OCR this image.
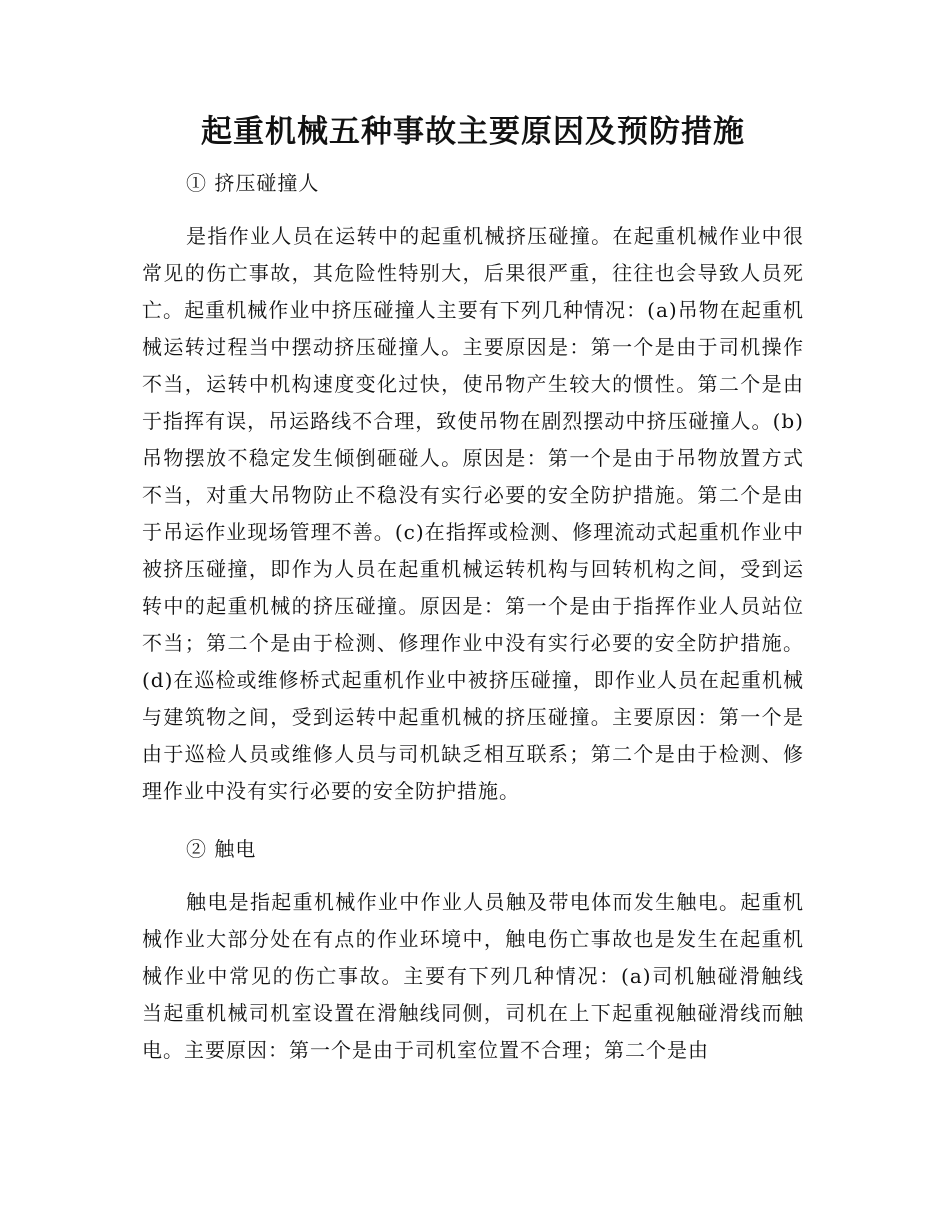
起重机械五种事故主要原因及预防措施

① 挤压碰撞人

是指作业人员在运转中的起重机械挤压碰撞。在起重机械作业中很常见的伤亡事故，其危险性特别大，后果很严重，往往也会导致人员死亡。起重机械作业中挤压碰撞人主要有下列几种情况：(a)吊物在起重机械运转过程当中摆动挤压碰撞人。主要原因是：第一个是由于司机操作不当，运转中机构速度变化过快，使吊物产生较大的惯性。第二个是由于指挥有误，吊运路线不合理，致使吊物在剧烈摆动中挤压碰撞人。(b)吊物摆放不稳定发生倾倒砸碰人。原因是：第一个是由于吊物放置方式不当，对重大吊物防止不稳没有实行必要的安全防护措施。第二个是由于吊运作业现场管理不善。(c)在指挥或检测、修理流动式起重机作业中被挤压碰撞，即作为人员在起重机械运转机构与回转机构之间，受到运转中的起重机械的挤压碰撞。原因是：第一个是由于指挥作业人员站位不当；第二个是由于检测、修理作业中没有实行必要的安全防护措施。(d)在巡检或维修桥式起重机作业中被挤压碰撞，即作业人员在起重机械与建筑物之间，受到运转中起重机械的挤压碰撞。主要原因：第一个是由于巡检人员或维修人员与司机缺乏相互联系；第二个是由于检测、修理作业中没有实行必要的安全防护措施。

② 触电

触电是指起重机械作业中作业人员触及带电体而发生触电。起重机械作业大部分处在有点的作业环境中，触电伤亡事故也是发生在起重机械作业中常见的伤亡事故。主要有下列几种情况：(a)司机触碰滑触线 当起重机械司机室设置在滑触线同侧，司机在上下起重视触碰滑线而触电。主要原因：第一个是由于司机室位置不合理；第二个是由
